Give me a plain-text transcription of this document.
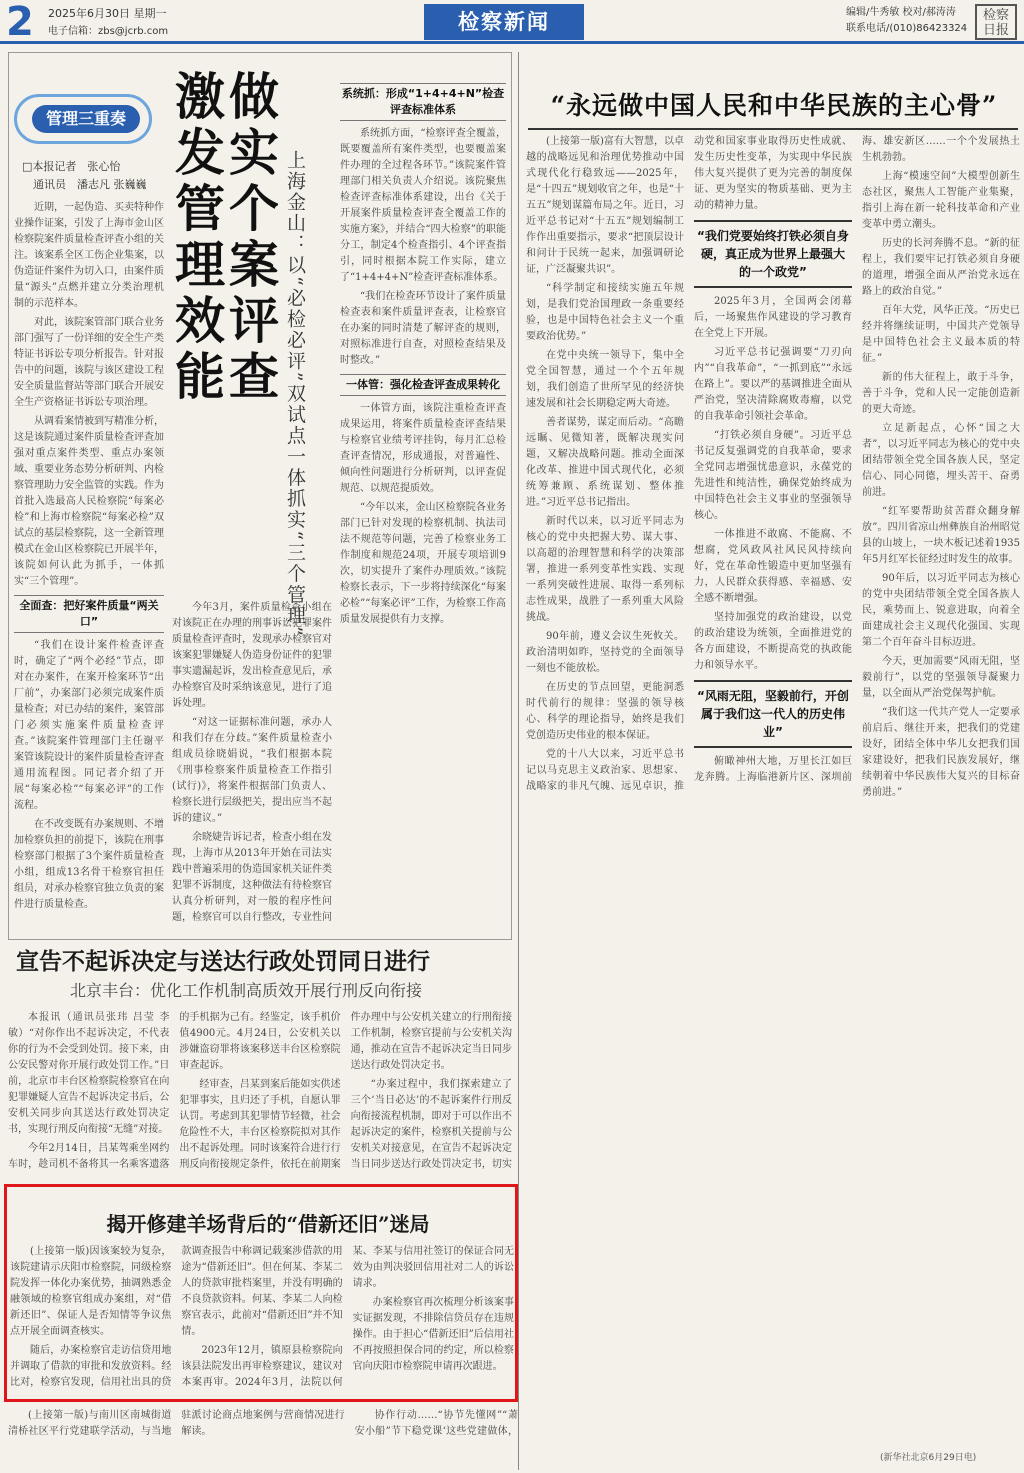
2 2025年6月30日 星期一
电子信箱：zbs@jcrb.com	检察新闻	编辑/牛秀敏 校对/郝涛涛
联系电话/(010)86423324
检察日报
管理三重奏
□本报记者　 张心怡
　通讯员　 潘志凡 张巍巍 做实个案评查
激发管理效能	上海金山：以“必检必评”双试点一体抓实“三个管理”

近期，一起伪造、买卖特种作业操作证案，引发了上海市金山区检察院案件质量检查评查小组的关注。该案系全区工伤企业集案，以伪造证件案件为切入口，由案件质量“源头”点燃并建立分类治理机制的示范样本。

对此，该院案管部门联合业务部门强写了一份详细的安全生产类特证书诉讼专项分析报告。针对报告中的问题，该院与该区建设工程安全质量监督站等部门联合开展安全生产资格证书诉讼专项治理。

从调看案情被到写精准分析，这是该院通过案件质量检查评查加强对重点案件类型、重点办案领域、重要业务态势分析研判、内检察管理助力安全监管的实践。作为首批入选最高人民检察院“每案必检”和上海市检察院“每案必检”双试点的基层检察院，这一全新管理模式在金山区检察院已开展半年，该院如何认此为抓手，一体抓实“三个管理”。

全面查：把好案件质量“两关口”

“我们在设计案件检查评查时，确定了“两个必经”节点，即对在办案件，在案开检案环节“出厂前”，办案部门必须完成案件质量检查；对已办结的案件，案管部门必须实施案件质量检查评查。”该院案件管理部门主任谢平案管该院设计的案件质量检查评查通用流程图。同记者介绍了开展“每案必检”“每案必评”的工作流程。

在不改变既有办案规则、不增加检察负担的前提下，该院在刑事检察部门根据了3个案件质量检查小组，组成13名骨干检察官担任组员，对承办检察官独立负责的案件进行质量检查。

今年3月，案件质量检查小组在对该院正在办理的刑事诉讼犯罪案件质量检查评查时，发现承办检察官对该案犯罪嫌疑人伪造身份证件的犯罪事实遗漏起诉，发出检查意见后，承办检察官及时采纳该意见，进行了追诉处理。

“对这一证据标准问题，承办人和我们存在分歧。”案件质量检查小组成员徐晓娟说，“我们根据本院《刑事检察案件质量检查工作指引(试行)》，将案件根据部门负责人、检察长进行层级把关，提出应当不起诉的建议。”

余晓婕告诉记者，检查小组在发现，上海市从2013年开始在司法实践中普遍采用的伪造国家机关证件类犯罪不诉制度，这种做法有待检察官认真分析研判，对一般的程序性问题，检察官可以自行整改，专业性问

系统抓：形成“1+4+4+N”检查评查标准体系

系统抓方面，“检察评查全覆盖，既要覆盖所有案件类型，也要覆盖案件办理的全过程各环节。”该院案件管理部门相关负责人介绍说。该院聚焦检查评查标准体系建设，出台《关于开展案件质量检查评查全覆盖工作的实施方案》，并结合“四大检察”的职能分工，制定4个检查指引、4个评查指引，同时根据本院工作实际，建立了“1+4+4+N”检查评查标准体系。

“我们在检查环节设计了案件质量检查表和案件质量评查表，让检察官在办案的同时清楚了解评查的规则，对照标准进行自查，对照检查结果及时整改。”

一体管：强化检查评查成果转化

一体管方面，该院注重检查评查成果运用，将案件质量检查评查结果与检察官业绩考评挂钩，每月汇总检查评查情况，形成通报，对普遍性、倾向性问题进行分析研判，以评查促规范、以规范提质效。

“今年以来，金山区检察院各业务部门已针对发现的检察机制、执法司法不规范等问题，完善了检察业务工作制度和规范24项，开展专项培训9次，切实提升了案件办理质效。”该院检察长表示，下一步将持续深化“每案必检”“每案必评”工作，为检察工作高质量发展提供有力支撑。

宣告不起诉决定与送达行政处罚同日进行
北京丰台：优化工作机制高质效开展行刑反向衔接

本报讯（通讯员张玮 吕莹 李敏）“对你作出不起诉决定，不代表你的行为不会受到处罚。接下来，由公安民警对你开展行政处罚工作。”日前，北京市丰台区检察院检察官在向犯罪嫌疑人宣告不起诉决定书后，公安机关同步向其送达行政处罚决定书，实现行刑反向衔接“无缝”对接。

今年2月14日，吕某驾乘坐网约车时，趁司机不备将其一名乘客遗落的手机据为己有。经鉴定，该手机价值4900元。4月24日，公安机关以涉嫌盗窃罪将该案移送丰台区检察院审查起诉。

经审查，吕某到案后能如实供述犯罪事实，且归还了手机，自愿认罪认罚。考虑到其犯罪情节轻微，社会危险性不大，丰台区检察院拟对其作出不起诉处理。同时该案符合进行行刑反向衔接规定条件，依托在前期案件办理中与公安机关建立的行刑衔接工作机制，检察官提前与公安机关沟通，推动在宣告不起诉决定当日同步送达行政处罚决定书。

“办案过程中，我们探索建立了三个‘当日必达’的不起诉案件行刑反向衔接流程机制，即对于可以作出不起诉决定的案件，检察机关提前与公安机关对接意见，在宣告不起诉决定当日同步送达行政处罚决定书，切实

揭开修建羊场背后的“借新还旧”迷局

(上接第一版)因该案较为复杂，该院建请示庆阳市检察院，同级检察院发挥一体化办案优势，抽调熟悉金融领域的检察官组成办案组，对“借新还旧”、保证人是否知情等争议焦点开展全面调查核实。

随后，办案检察官走访信贷用地并调取了借款的审批和发放资料。经比对，检察官发现，信用社出具的贷款调查报告中称调记载案涉借款的用途为“借新还旧”。但在何某、李某二人的贷款审批档案里，并没有明确的不良贷款资料。何某、李某二人向检察官表示，此前对“借新还旧”并不知情。

2023年12月，镇原县检察院向该县法院发出再审检察建议，建议对本案再审。2024年3月，法院以何某、李某与信用社签订的保证合同无效为由判决驳回信用社对二人的诉讼请求。

办案检察官再次梳理分析该案事实证据发现，不排除信贷员存在违规操作。由于担心“借新还旧”后信用社不再按照担保合同的约定，所以检察官向庆阳市检察院申请再次跟进。

(上接第一版)与南川区南城街道清桥社区平行党建联学活动，与当地驻派讨论商点地案例与营商情况进行解读。

协作行动……“协节先懂网”“萧安小船”节下稳党课‘这些党建做体，

“永远做中国人民和中华民族的主心骨”

(上接第一版)富有大智慧，以卓越的战略远见和治理优势推动中国式现代化行稳致远——2025年，是“十四五”规划收官之年，也是“十五五”规划谋篇布局之年。近日，习近平总书记对“十五五”规划编制工作作出重要指示，要求“把顶层设计和问计于民统一起来，加强调研论证，广泛凝聚共识”。

“科学制定和接续实施五年规划，是我们党治国理政一条重要经验，也是中国特色社会主义一个重要政治优势。”

在党中央统一领导下，集中全党全国智慧，通过一个个五年规划，我们创造了世所罕见的经济快速发展和社会长期稳定两大奇迹。

善者谋势，谋定而后动。“高瞻远瞩、见微知著，既解决现实问题，又解决战略问题。推动全面深化改革、推进中国式现代化，必须统筹兼顾、系统谋划、整体推进。”习近平总书记指出。

新时代以来，以习近平同志为核心的党中央把握大势、谋大事、以高超的治理智慧和科学的决策部署，推进一系列变革性实践、实现一系列突破性进展、取得一系列标志性成果，战胜了一系列重大风险挑战。

90年前，遵义会议生死攸关。政治清明如昨，坚持党的全面领导一刻也不能放松。

在历史的节点回望，更能洞悉时代前行的规律：坚强的领导核心、科学的理论指导，始终是我们党创造历史伟业的根本保证。

党的十八大以来，习近平总书记以马克思主义政治家、思想家、战略家的非凡气魄、远见卓识，推动党和国家事业取得历史性成就、发生历史性变革，为实现中华民族伟大复兴提供了更为完善的制度保证、更为坚实的物质基础、更为主动的精神力量。

“我们党要始终打铁必须自身硬，真正成为世界上最强大的一个政党”

2025年3月，全国两会闭幕后，一场聚焦作风建设的学习教育在全党上下开展。

习近平总书记强调要“刀刃向内”“自我革命”，“一抓到底”“永远在路上”。要以严的基调推进全面从严治党，坚决清除腐败毒瘤，以党的自我革命引领社会革命。

“打铁必须自身硬”。习近平总书记反复强调党的自我革命，要求全党同志增强忧患意识，永葆党的先进性和纯洁性，确保党始终成为中国特色社会主义事业的坚强领导核心。

一体推进不敢腐、不能腐、不想腐，党风政风社风民风持续向好，党在革命性锻造中更加坚强有力，人民群众获得感、幸福感、安全感不断增强。

坚持加强党的政治建设，以党的政治建设为统领，全面推进党的各方面建设，不断提高党的执政能力和领导水平。

“风雨无阻，坚毅前行，开创属于我们这一代人的历史伟业”

俯瞰神州大地，万里长江如巨龙奔腾。上海临港新片区、深圳前海、雄安新区……一个个发展热土生机勃勃。

上海“模速空间”大模型创新生态社区，聚焦人工智能产业集聚，指引上海在新一轮科技革命和产业变革中勇立潮头。

历史的长河奔腾不息。“新的征程上，我们要牢记打铁必须自身硬的道理，增强全面从严治党永远在路上的政治自觉。”

百年大党，风华正茂。“历史已经并将继续证明，中国共产党领导是中国特色社会主义最本质的特征。”

新的伟大征程上，敢于斗争，善于斗争，党和人民一定能创造新的更大奇迹。

立足新起点，心怀“国之大者”，以习近平同志为核心的党中央团结带领全党全国各族人民，坚定信心、同心同德，埋头苦干、奋勇前进。

“红军要帮助贫苦群众翻身解放”。四川省凉山州彝族自治州昭觉县的山坡上，一块木板记述着1935年5月红军长征经过时发生的故事。

90年后，以习近平同志为核心的党中央团结带领全党全国各族人民，乘势而上、锐意进取，向着全面建成社会主义现代化强国、实现第二个百年奋斗目标迈进。

今天，更加需要“风雨无阻，坚毅前行”，以党的坚强领导凝聚力量，以全面从严治党保驾护航。

“我们这一代共产党人一定要承前启后、继往开来，把我们的党建设好，团结全体中华儿女把我们国家建设好，把我们民族发展好，继续朝着中华民族伟大复兴的目标奋勇前进。”

(新华社北京6月29日电)
